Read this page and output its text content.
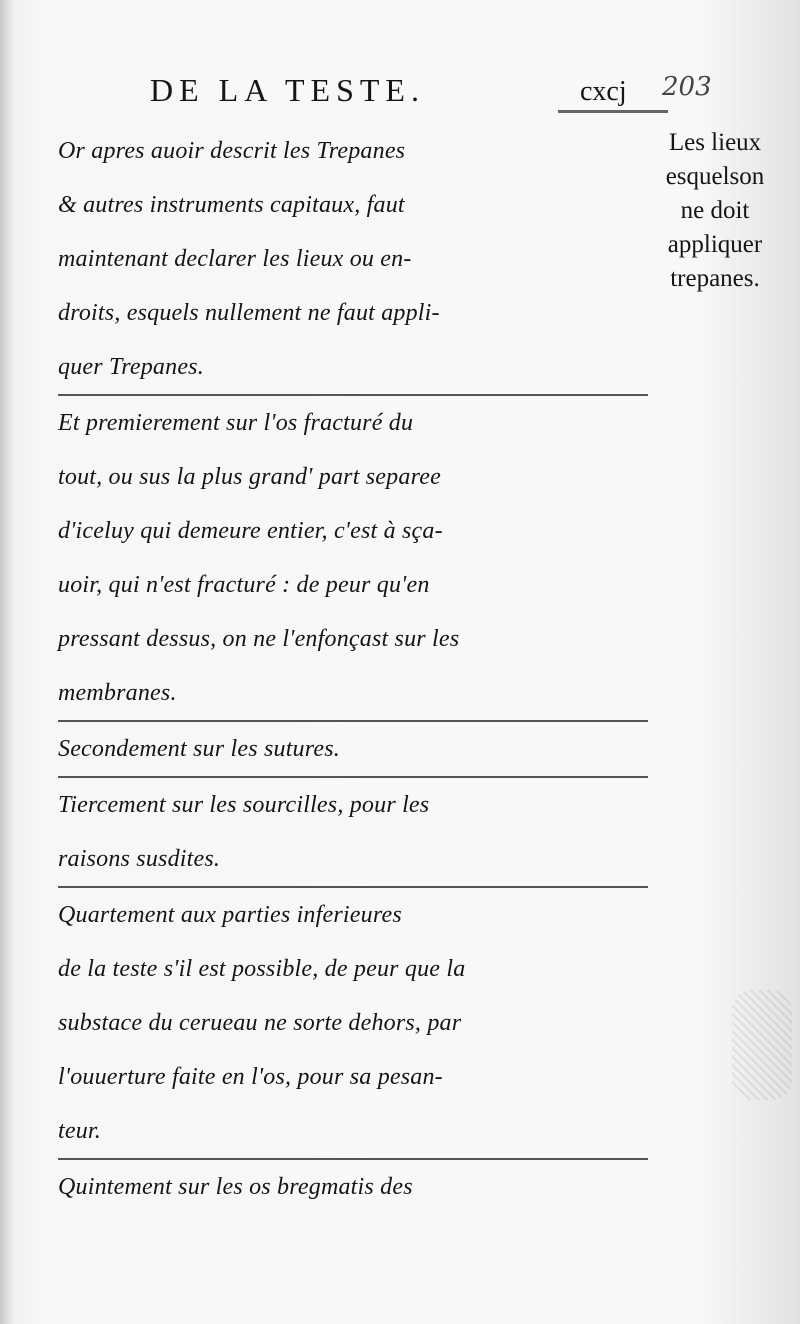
DE LA TESTE.	cxcj 203
Les lieux
esquelson
ne doit
appliquer
trepanes.
Or apres auoir descrit les Trepanes
& autres instruments capitaux, faut
maintenant declarer les lieux ou en-
droits, esquels nullement ne faut appli-
quer Trepanes.
Et premierement sur l'os fracturé du
tout, ou sus la plus grand' part separee
d'iceluy qui demeure entier, c'est à sça-
uoir, qui n'est fracturé : de peur qu'en
pressant dessus, on ne l'enfonçast sur les
membranes.
Secondement sur les sutures.
Tiercement sur les sourcilles, pour les
raisons susdites.
Quartement aux parties inferieures
de la teste s'il est possible, de peur que la
substace du cerueau ne sorte dehors, par
l'ouuerture faite en l'os, pour sa pesan-
teur.
Quintement sur les os bregmatis des
